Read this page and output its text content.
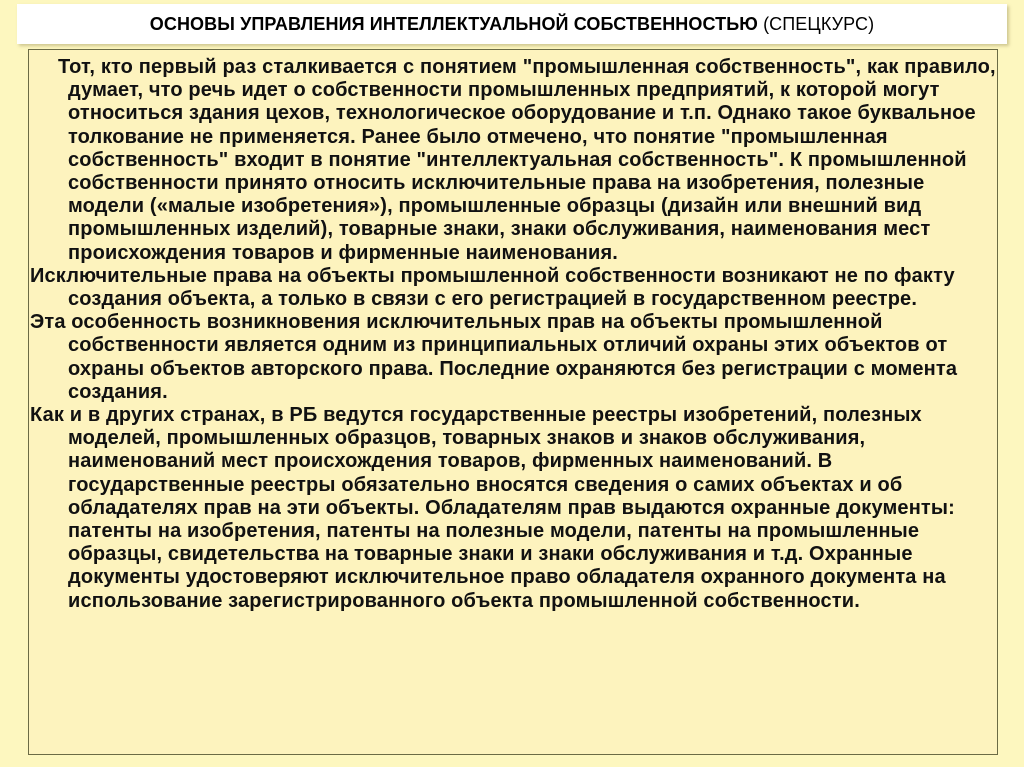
ОСНОВЫ УПРАВЛЕНИЯ ИНТЕЛЛЕКТУАЛЬНОЙ СОБСТВЕННОСТЬЮ (СПЕЦКУРС)

Тот, кто первый раз сталкивается с понятием "промышленная собственность", как правило, думает, что речь идет о собственности промышленных предприятий, к которой могут относиться здания цехов, технологическое оборудование и т.п. Однако такое буквальное толкование не применяется. Ранее было отмечено, что понятие "промышленная собственность" входит в понятие "интеллектуальная собственность". К промышленной собственности принято относить исключительные права на изобретения, полезные модели («малые изобретения»), промышленные образцы (дизайн или внешний вид промышленных изделий), товарные знаки, знаки обслуживания, наименования мест происхождения товаров и фирменные наименования.

Исключительные права на объекты промышленной собственности возникают не по факту создания объекта, а только в связи с его регистрацией в государственном реестре.

Эта особенность возникновения исключительных прав на объекты промышленной собственности является одним из принципиальных отличий охраны этих объектов от охраны объектов авторского права. Последние охраняются без регистрации с момента создания.

Как и в других странах, в РБ ведутся государственные реестры изобретений, полезных моделей, промышленных образцов, товарных знаков и знаков обслуживания, наименований мест происхождения товаров, фирменных наименований. В государственные реестры обязательно вносятся сведения о самих объектах и об обладателях прав на эти объекты. Обладателям прав выдаются охранные документы: патенты на изобретения, патенты на полезные модели, патенты на промышленные образцы, свидетельства на товарные знаки и знаки обслуживания и т.д. Охранные документы удостоверяют исключительное право обладателя охранного документа на использование зарегистрированного объекта промышленной собственности.
